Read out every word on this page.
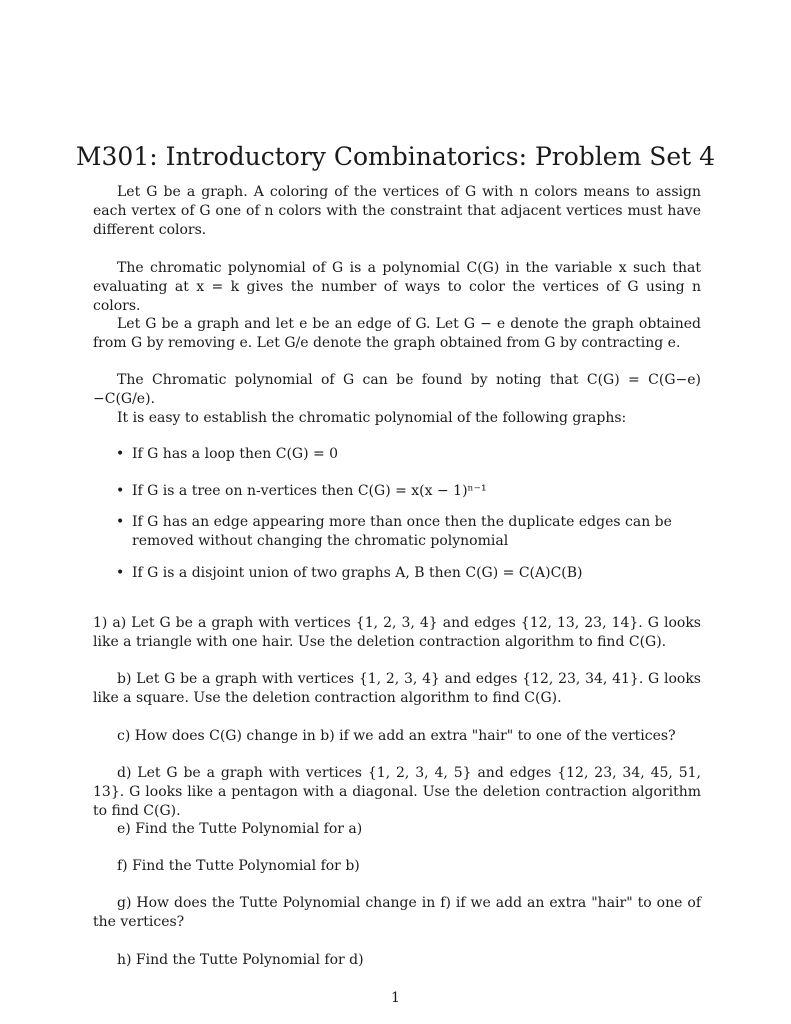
M301: Introductory Combinatorics: Problem Set 4

Let G be a graph. A coloring of the vertices of G with n colors means to assign each vertex of G one of n colors with the constraint that adjacent vertices must have different colors.

The chromatic polynomial of G is a polynomial C(G) in the variable x such that evaluating at x = k gives the number of ways to color the vertices of G using n colors.

Let G be a graph and let e be an edge of G. Let G − e denote the graph obtained from G by removing e. Let G/e denote the graph obtained from G by contracting e.

The Chromatic polynomial of G can be found by noting that C(G) = C(G−e)−C(G/e).

It is easy to establish the chromatic polynomial of the following graphs:

• If G has a loop then C(G) = 0
• If G is a tree on n-vertices then C(G) = x(x − 1)ⁿ⁻¹
• If G has an edge appearing more than once then the duplicate edges can be removed without changing the chromatic polynomial
• If G is a disjoint union of two graphs A, B then C(G) = C(A)C(B)

1) a) Let G be a graph with vertices {1, 2, 3, 4} and edges {12, 13, 23, 14}. G looks like a triangle with one hair. Use the deletion contraction algorithm to find C(G).

b) Let G be a graph with vertices {1, 2, 3, 4} and edges {12, 23, 34, 41}. G looks like a square. Use the deletion contraction algorithm to find C(G).

c) How does C(G) change in b) if we add an extra "hair" to one of the vertices?

d) Let G be a graph with vertices {1, 2, 3, 4, 5} and edges {12, 23, 34, 45, 51, 13}. G looks like a pentagon with a diagonal. Use the deletion contraction algorithm to find C(G).

e) Find the Tutte Polynomial for a)

f) Find the Tutte Polynomial for b)

g) How does the Tutte Polynomial change in f) if we add an extra "hair" to one of the vertices?

h) Find the Tutte Polynomial for d)

1
